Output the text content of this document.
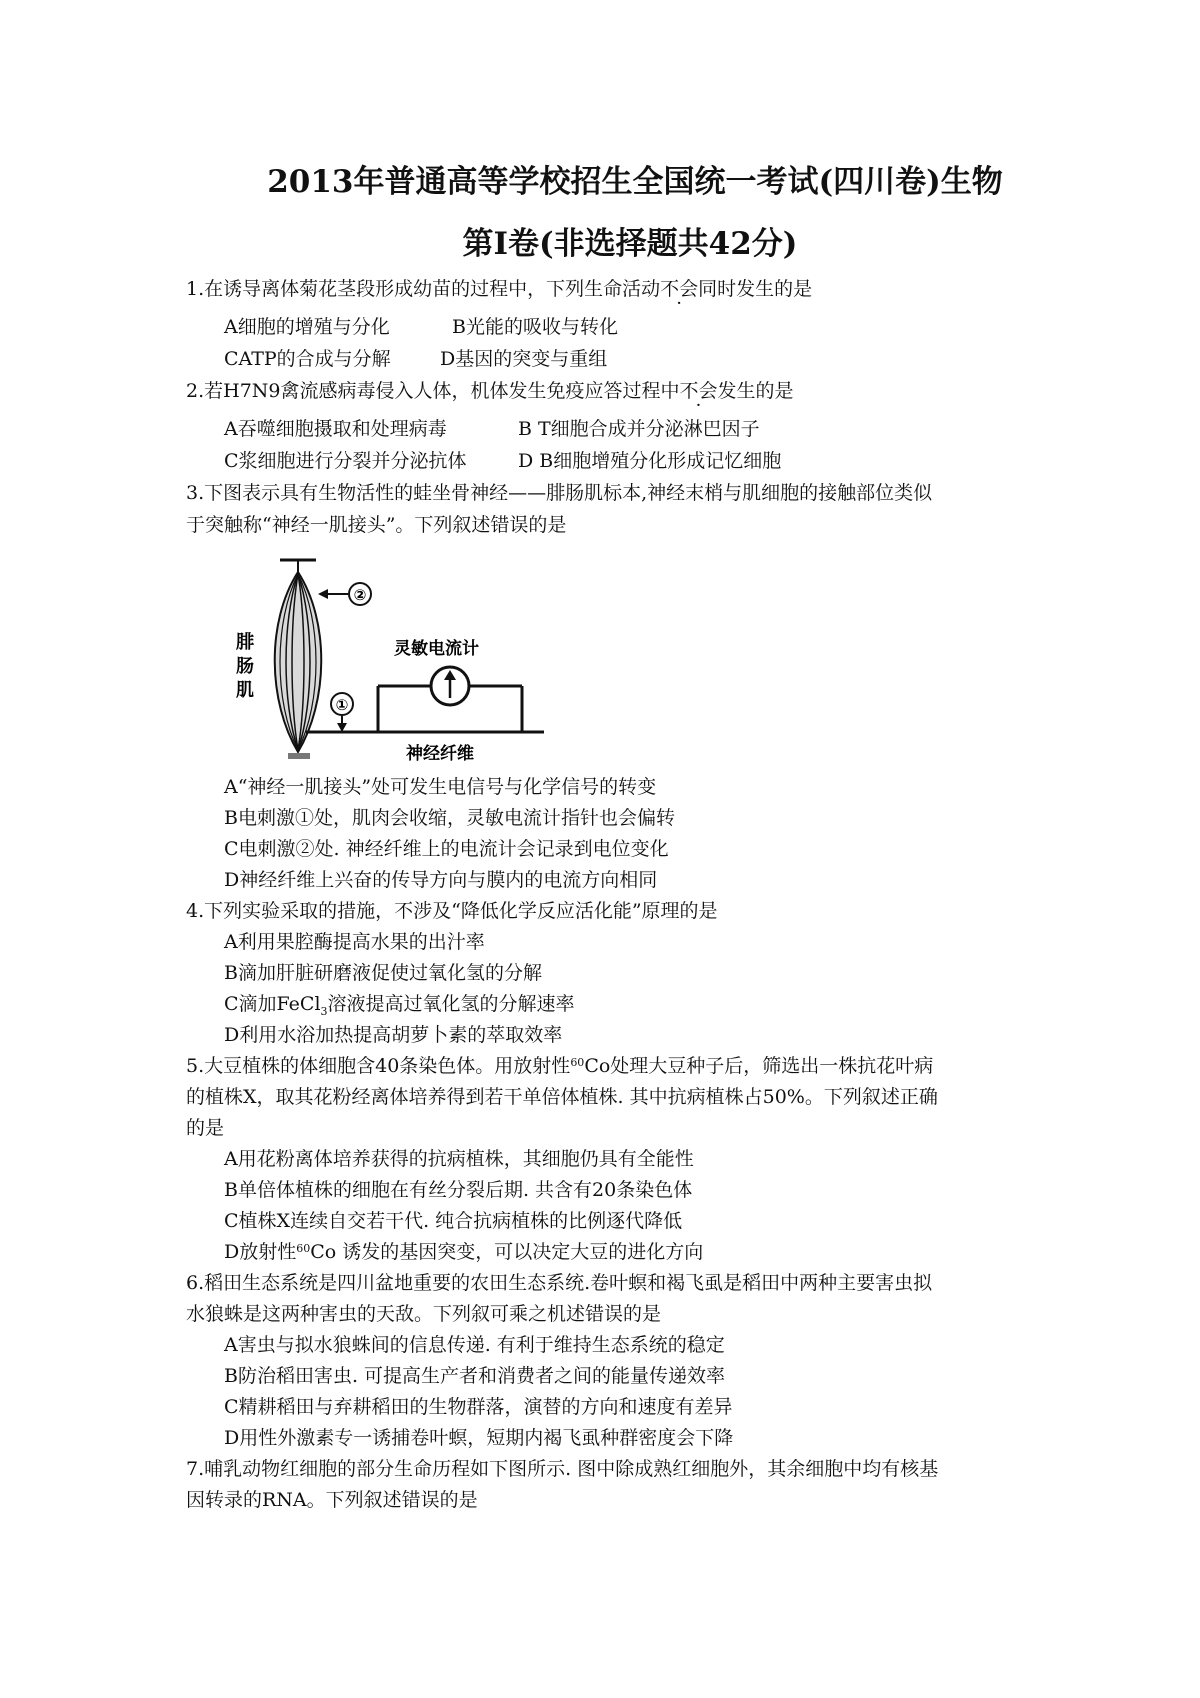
2013年普通高等学校招生全国统一考试(四川卷)生物
第Ⅰ卷(非选择题共42分)
1.在诱导离体菊花茎段形成幼苗的过程中，下列生命活动不会同时发生的是
A细胞的增殖与分化	B光能的吸收与转化
CATP的合成与分解	D基因的突变与重组
2.若H7N9禽流感病毒侵入人体，机体发生免疫应答过程中不会发生的是
A吞噬细胞摄取和处理病毒	B T细胞合成并分泌淋巴因子
C浆细胞进行分裂并分泌抗体	D B细胞增殖分化形成记忆细胞
3.下图表示具有生物活性的蛙坐骨神经——腓肠肌标本,神经末梢与肌细胞的接触部位类似
于突触称“神经一肌接头”。下列叙述错误的是
②
腓
肠
肌
①
灵敏电流计
神经纤维
A“神经一肌接头”处可发生电信号与化学信号的转变
B电刺激①处，肌肉会收缩，灵敏电流计指针也会偏转
C电刺激②处. 神经纤维上的电流计会记录到电位变化
D神经纤维上兴奋的传导方向与膜内的电流方向相同
4.下列实验采取的措施，不涉及“降低化学反应活化能”原理的是
A利用果腔酶提高水果的出汁率
B滴加肝脏研磨液促使过氧化氢的分解
C滴加FeCl$_3$溶液提高过氧化氢的分解速率
D利用水浴加热提高胡萝卜素的萃取效率
5.大豆植株的体细胞含40条染色体。用放射性$^{60}$Co处理大豆种子后，筛选出一株抗花叶病
的植株X，取其花粉经离体培养得到若干单倍体植株. 其中抗病植株占50%。下列叙述正确
的是
A用花粉离体培养获得的抗病植株，其细胞仍具有全能性
B单倍体植株的细胞在有丝分裂后期. 共含有20条染色体
C植株X连续自交若干代. 纯合抗病植株的比例逐代降低
D放射性$^{60}$Co 诱发的基因突变，可以决定大豆的进化方向
6.稻田生态系统是四川盆地重要的农田生态系统.卷叶螟和褐飞虱是稻田中两种主要害虫拟
水狼蛛是这两种害虫的天敌。下列叙可乘之机述错误的是
A害虫与拟水狼蛛间的信息传递. 有利于维持生态系统的稳定
B防治稻田害虫. 可提高生产者和消费者之间的能量传递效率
C精耕稻田与弃耕稻田的生物群落，演替的方向和速度有差异
D用性外激素专一诱捕卷叶螟，短期内褐飞虱种群密度会下降
7.哺乳动物红细胞的部分生命历程如下图所示. 图中除成熟红细胞外，其余细胞中均有核基
因转录的RNA。下列叙述错误的是
